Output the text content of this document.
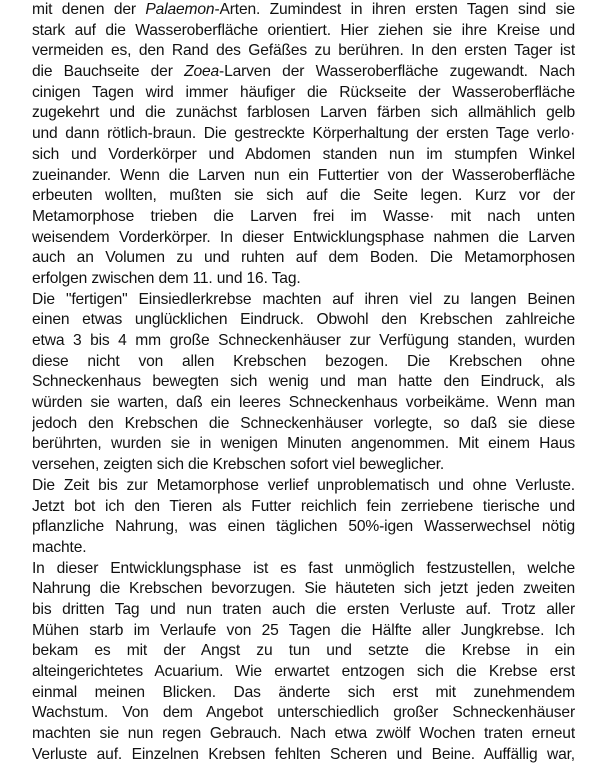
mit denen der Palaemon-Arten. Zumindest in ihren ersten Tagen sind sie
stark auf die Wasseroberfläche orientiert. Hier ziehen sie ihre Kreise und
vermeiden es, den Rand des Gefäßes zu berühren. In den ersten Tager ist
die Bauchseite der Zoea-Larven der Wasseroberfläche zugewandt. Nach
cinigen Tagen wird immer häufiger die Rückseite der Wasseroberfläche
zugekehrt und die zunächst farblosen Larven färben sich allmählich gelb
und dann rötlich-braun. Die gestreckte Körperhaltung der ersten Tage verlo·
sich und Vorderkörper und Abdomen standen nun im stumpfen Winkel
zueinander. Wenn die Larven nun ein Futtertier von der Wasseroberfläche
erbeuten wollten, mußten sie sich auf die Seite legen. Kurz vor der
Metamorphose trieben die Larven frei im Wasse· mit nach unten
weisendem Vorderkörper. In dieser Entwicklungsphase nahmen die Larven
auch an Volumen zu und ruhten auf dem Boden. Die Metamorphosen
erfolgen zwischen dem 11. und 16. Tag.
Die "fertigen" Einsiedlerkrebse machten auf ihren viel zu langen Beinen
einen etwas unglücklichen Eindruck. Obwohl den Krebschen zahlreiche
etwa 3 bis 4 mm große Schneckenhäuser zur Verfügung standen, wurden
diese nicht von allen Krebschen bezogen. Die Krebschen ohne
Schneckenhaus bewegten sich wenig und man hatte den Eindruck, als
würden sie warten, daß ein leeres Schneckenhaus vorbeikäme. Wenn man
jedoch den Krebschen die Schneckenhäuser vorlegte, so daß sie diese
berührten, wurden sie in wenigen Minuten angenommen. Mit einem Haus
versehen, zeigten sich die Krebschen sofort viel beweglicher.
Die Zeit bis zur Metamorphose verlief unproblematisch und ohne Verluste.
Jetzt bot ich den Tieren als Futter reichlich fein zerriebene tierische und
pflanzliche Nahrung, was einen täglichen 50%-igen Wasserwechsel nötig
machte.
In dieser Entwicklungsphase ist es fast unmöglich festzustellen, welche
Nahrung die Krebschen bevorzugen. Sie häuteten sich jetzt jeden zweiten
bis dritten Tag und nun traten auch die ersten Verluste auf. Trotz aller
Mühen starb im Verlaufe von 25 Tagen die Hälfte aller Jungkrebse. Ich
bekam es mit der Angst zu tun und setzte die Krebse in ein
alteingerichtetes Acuarium. Wie erwartet entzogen sich die Krebse erst
einmal meinen Blicken. Das änderte sich erst mit zunehmendem
Wachstum. Von dem Angebot unterschiedlich großer Schneckenhäuser
machten sie nun regen Gebrauch. Nach etwa zwölf Wochen traten erneut
Verluste auf. Einzelnen Krebsen fehlten Scheren und Beine. Auffällig war,
